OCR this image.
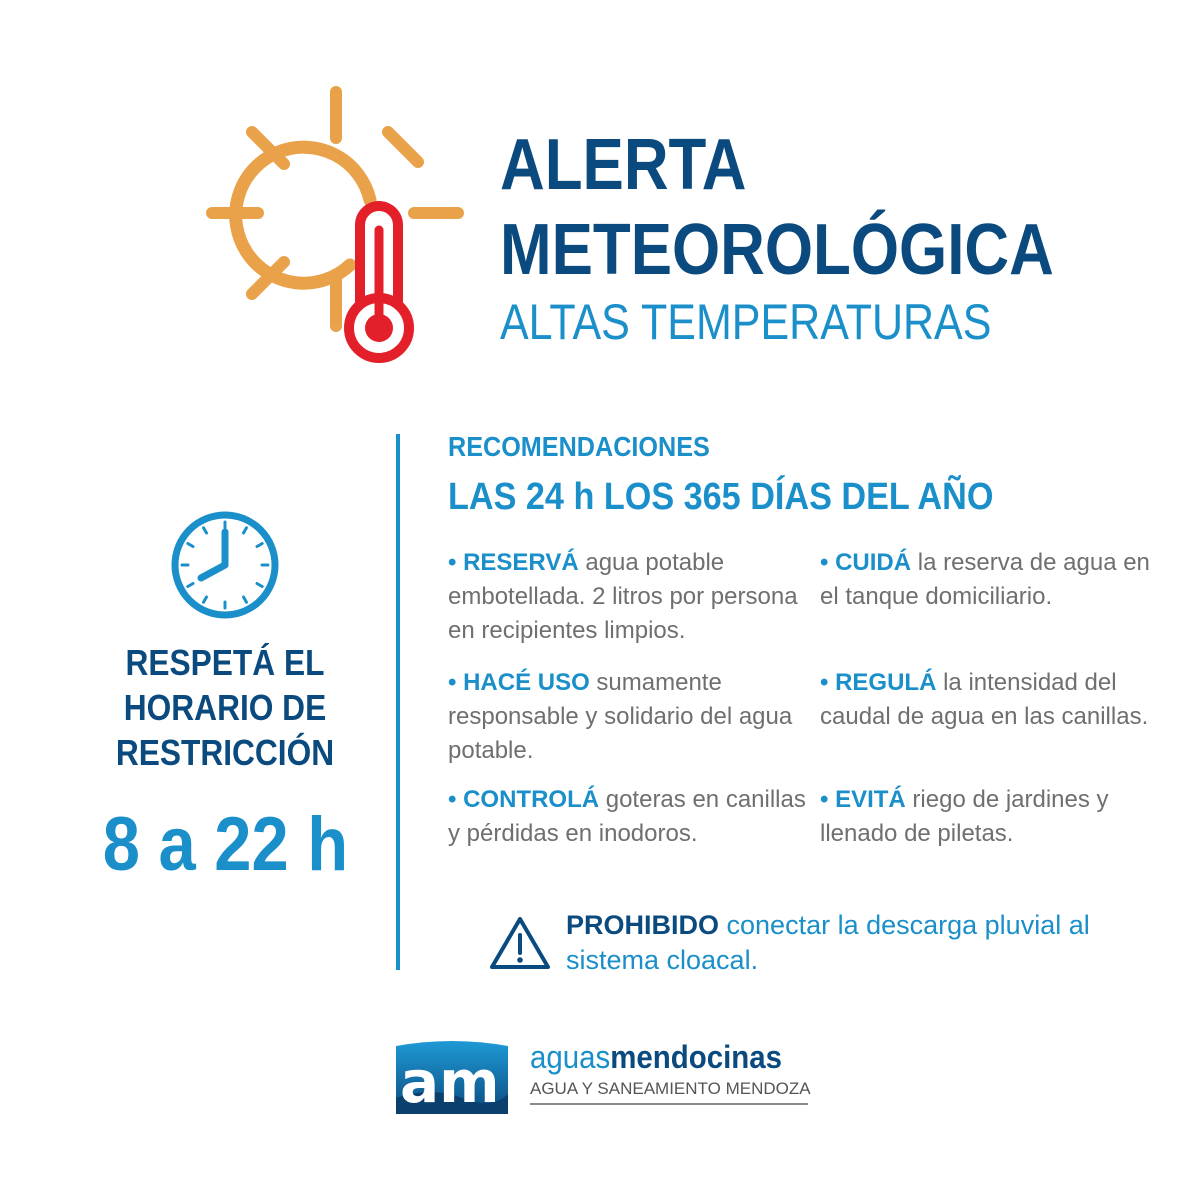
ALERTA
METEOROLÓGICA
ALTAS TEMPERATURAS
RESPETÁ EL
HORARIO DE
RESTRICCIÓN
8 a 22 h
RECOMENDACIONES
LAS 24 h LOS 365 DÍAS DEL AÑO
• RESERVÁ agua potable embotellada. 2 litros por persona en recipientes limpios.
• CUIDÁ la reserva de agua en el tanque domiciliario.
• HACÉ USO sumamente responsable y solidario del agua potable.
• REGULÁ la intensidad del caudal de agua en las canillas.
• CONTROLÁ goteras en canillas y pérdidas en inodoros.
• EVITÁ riego de jardines y llenado de piletas.
PROHIBIDO conectar la descarga pluvial al sistema cloacal.
am aguasmendocinas
AGUA Y SANEAMIENTO MENDOZA
